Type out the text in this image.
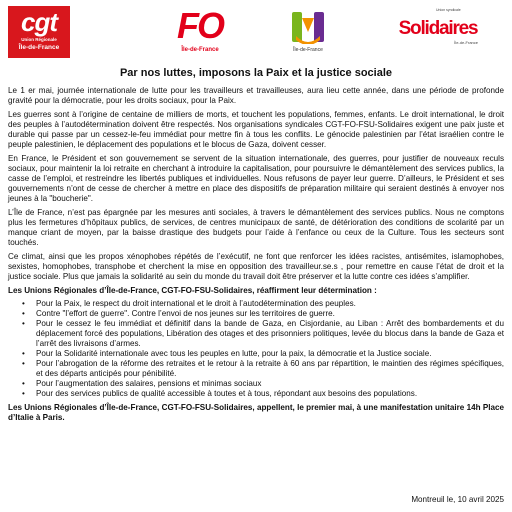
cgt
Union Régionale
Île-de-France
FO
Île-de-France	Île-de-France
Union syndicale
Solidaires
Île-de-France
Par nos luttes, imposons la Paix et la justice sociale

Le 1 er mai, journée internationale de lutte pour les travailleurs et travailleuses, aura lieu cette année, dans une période de profonde gravité pour la démocratie, pour les droits sociaux, pour la Paix.

Les guerres sont à l’origine de centaine de milliers de morts, et touchent les populations, femmes, enfants. Le droit international, le droit des peuples à l’autodétermination doivent être respectés. Nos organisations syndicales CGT-FO-FSU-Solidaires exigent une paix juste et durable qui passe par un cessez-le-feu immédiat pour mettre fin à tous les conflits. Le génocide palestinien par l’état israélien contre le peuple palestinien, le déplacement des populations et le blocus de Gaza, doivent cesser.

En France, le Président et son gouvernement se servent de la situation internationale, des guerres, pour justifier de nouveaux reculs sociaux, pour maintenir la loi retraite en cherchant à introduire la capitalisation, pour poursuivre le démantèlement des services publics, la casse de l’emploi, et restreindre les libertés publiques et individuelles. Nous refusons de payer leur guerre. D’ailleurs, le Président et ses gouvernements n’ont de cesse de chercher à mettre en place des dispositifs de préparation militaire qui seraient destinés à envoyer nos jeunes à la "boucherie".

L’Île de France, n’est pas épargnée par les mesures anti sociales, à travers le démantèlement des services publics. Nous ne comptons plus les fermetures d’hôpitaux publics, de services, de centres municipaux de santé, de détérioration des conditions de scolarité par un manque criant de moyen, par la baisse drastique des budgets pour l’aide à l’enfance ou ceux de la Culture. Tous les secteurs sont touchés.

Ce climat, ainsi que les propos xénophobes répétés de l’exécutif, ne font que renforcer les idées racistes, antisémites, islamophobes, sexistes, homophobes, transphobe et cherchent la mise en opposition des travailleur.se.s , pour remettre en cause l’état de droit et la justice sociale. Plus que jamais la solidarité au sein du monde du travail doit être préserver et la lutte contre ces idées s’amplifier.

Les Unions Régionales d’Île-de-France, CGT-FO-FSU-Solidaires, réaffirment leur détermination :

• Pour la Paix, le respect du droit international et le droit à l’autodétermination des peuples.
• Contre "l’effort de guerre". Contre l’envoi de nos jeunes sur les territoires de guerre.
• Pour le cessez le feu immédiat et définitif dans la bande de Gaza, en Cisjordanie, au Liban : Arrêt des bombardements et du déplacement forcé des populations, Libération des otages et des prisonniers politiques, levée du blocus dans la bande de Gaza et l’arrêt des livraisons d’armes.
• Pour la Solidarité internationale avec tous les peuples en lutte, pour la paix, la démocratie et la Justice sociale.
• Pour l’abrogation de la réforme des retraites et le retour à la retraite à 60 ans par répartition, le maintien des régimes spécifiques, et des départs anticipés pour pénibilité.
• Pour l’augmentation des salaires, pensions et minimas sociaux
• Pour des services publics de qualité accessible à toutes et à tous, répondant aux besoins des populations.

Les Unions Régionales d’Île-de-France, CGT-FO-FSU-Solidaires, appellent, le premier mai, à une manifestation unitaire 14h Place d’Italie à Paris.

Montreuil le, 10 avril 2025
